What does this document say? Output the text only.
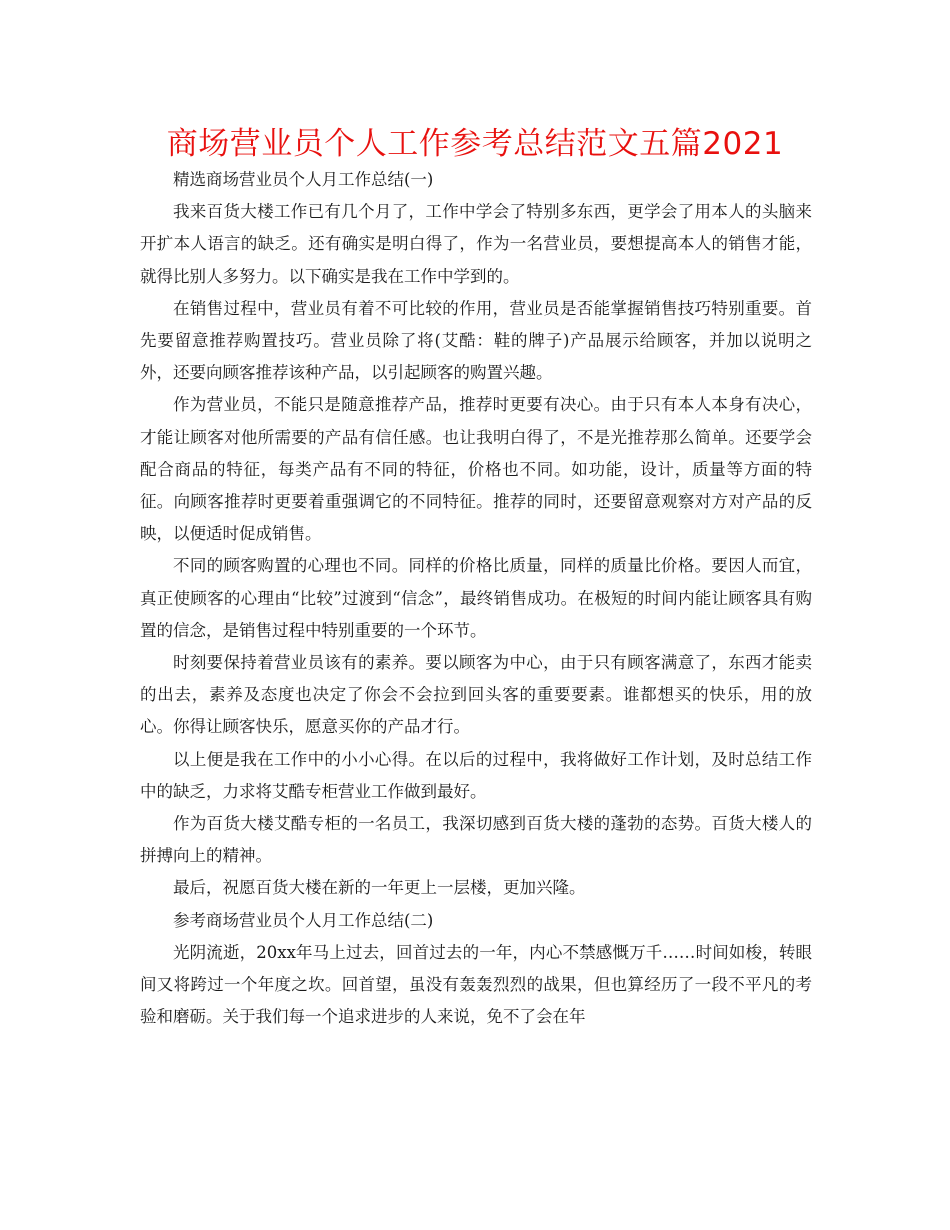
商场营业员个人工作参考总结范文五篇2021

精选商场营业员个人月工作总结(一)

我来百货大楼工作已有几个月了，工作中学会了特别多东西，更学会了用本人的头脑来开扩本人语言的缺乏。还有确实是明白得了，作为一名营业员，要想提高本人的销售才能，就得比别人多努力。以下确实是我在工作中学到的。

在销售过程中，营业员有着不可比较的作用，营业员是否能掌握销售技巧特别重要。首先要留意推荐购置技巧。营业员除了将(艾酷：鞋的牌子)产品展示给顾客，并加以说明之外，还要向顾客推荐该种产品，以引起顾客的购置兴趣。

作为营业员，不能只是随意推荐产品，推荐时更要有决心。由于只有本人本身有决心，才能让顾客对他所需要的产品有信任感。也让我明白得了，不是光推荐那么简单。还要学会配合商品的特征，每类产品有不同的特征，价格也不同。如功能，设计，质量等方面的特征。向顾客推荐时更要着重强调它的不同特征。推荐的同时，还要留意观察对方对产品的反映，以便适时促成销售。

不同的顾客购置的心理也不同。同样的价格比质量，同样的质量比价格。要因人而宜，真正使顾客的心理由“比较”过渡到“信念”，最终销售成功。在极短的时间内能让顾客具有购置的信念，是销售过程中特别重要的一个环节。

时刻要保持着营业员该有的素养。要以顾客为中心，由于只有顾客满意了，东西才能卖的出去，素养及态度也决定了你会不会拉到回头客的重要要素。谁都想买的快乐，用的放心。你得让顾客快乐，愿意买你的产品才行。

以上便是我在工作中的小小心得。在以后的过程中，我将做好工作计划，及时总结工作中的缺乏，力求将艾酷专柜营业工作做到最好。

作为百货大楼艾酷专柜的一名员工，我深切感到百货大楼的蓬勃的态势。百货大楼人的拼搏向上的精神。

最后，祝愿百货大楼在新的一年更上一层楼，更加兴隆。

参考商场营业员个人月工作总结(二)

光阴流逝，20xx年马上过去，回首过去的一年，内心不禁感慨万千……时间如梭，转眼间又将跨过一个年度之坎。回首望，虽没有轰轰烈烈的战果，但也算经历了一段不平凡的考验和磨砺。关于我们每一个追求进步的人来说，免不了会在年
